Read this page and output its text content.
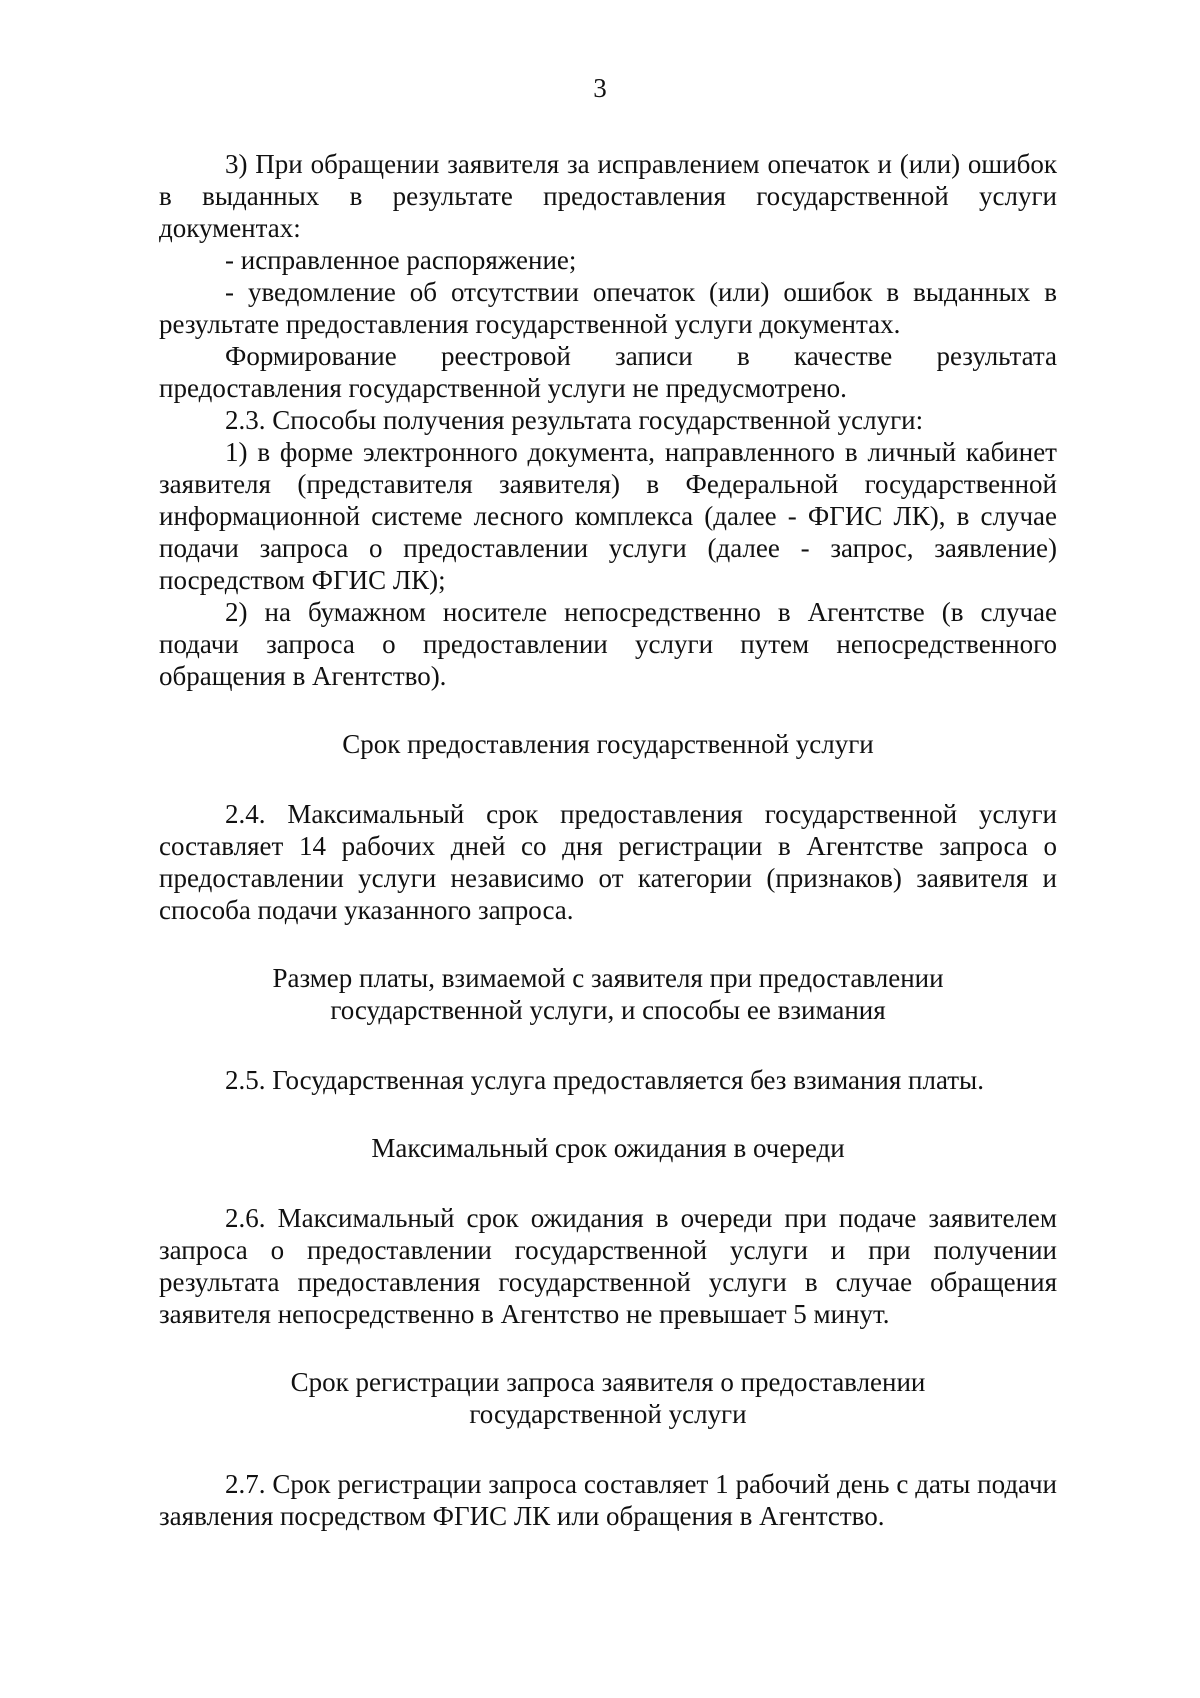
3

3) При обращении заявителя за исправлением опечаток и (или) ошибок в выданных в результате предоставления государственной услуги документах:

- исправленное распоряжение;

- уведомление об отсутствии опечаток (или) ошибок в выданных в результате предоставления государственной услуги документах.

Формирование реестровой записи в качестве результата предоставления государственной услуги не предусмотрено.

2.3. Способы получения результата государственной услуги:

1) в форме электронного документа, направленного в личный кабинет заявителя (представителя заявителя) в Федеральной государственной информационной системе лесного комплекса (далее - ФГИС ЛК), в случае подачи запроса о предоставлении услуги (далее - запрос, заявление) посредством ФГИС ЛК);

2) на бумажном носителе непосредственно в Агентстве (в случае подачи запроса о предоставлении услуги путем непосредственного обращения в Агентство).

Срок предоставления государственной услуги

2.4. Максимальный срок предоставления государственной услуги составляет 14 рабочих дней со дня регистрации в Агентстве запроса о предоставлении услуги независимо от категории (признаков) заявителя и способа подачи указанного запроса.

Размер платы, взимаемой с заявителя при предоставлении
государственной услуги, и способы ее взимания

2.5. Государственная услуга предоставляется без взимания платы.

Максимальный срок ожидания в очереди

2.6. Максимальный срок ожидания в очереди при подаче заявителем запроса о предоставлении государственной услуги и при получении результата предоставления государственной услуги в случае обращения заявителя непосредственно в Агентство не превышает 5 минут.

Срок регистрации запроса заявителя о предоставлении
государственной услуги

2.7. Срок регистрации запроса составляет 1 рабочий день с даты подачи заявления посредством ФГИС ЛК или обращения в Агентство.
